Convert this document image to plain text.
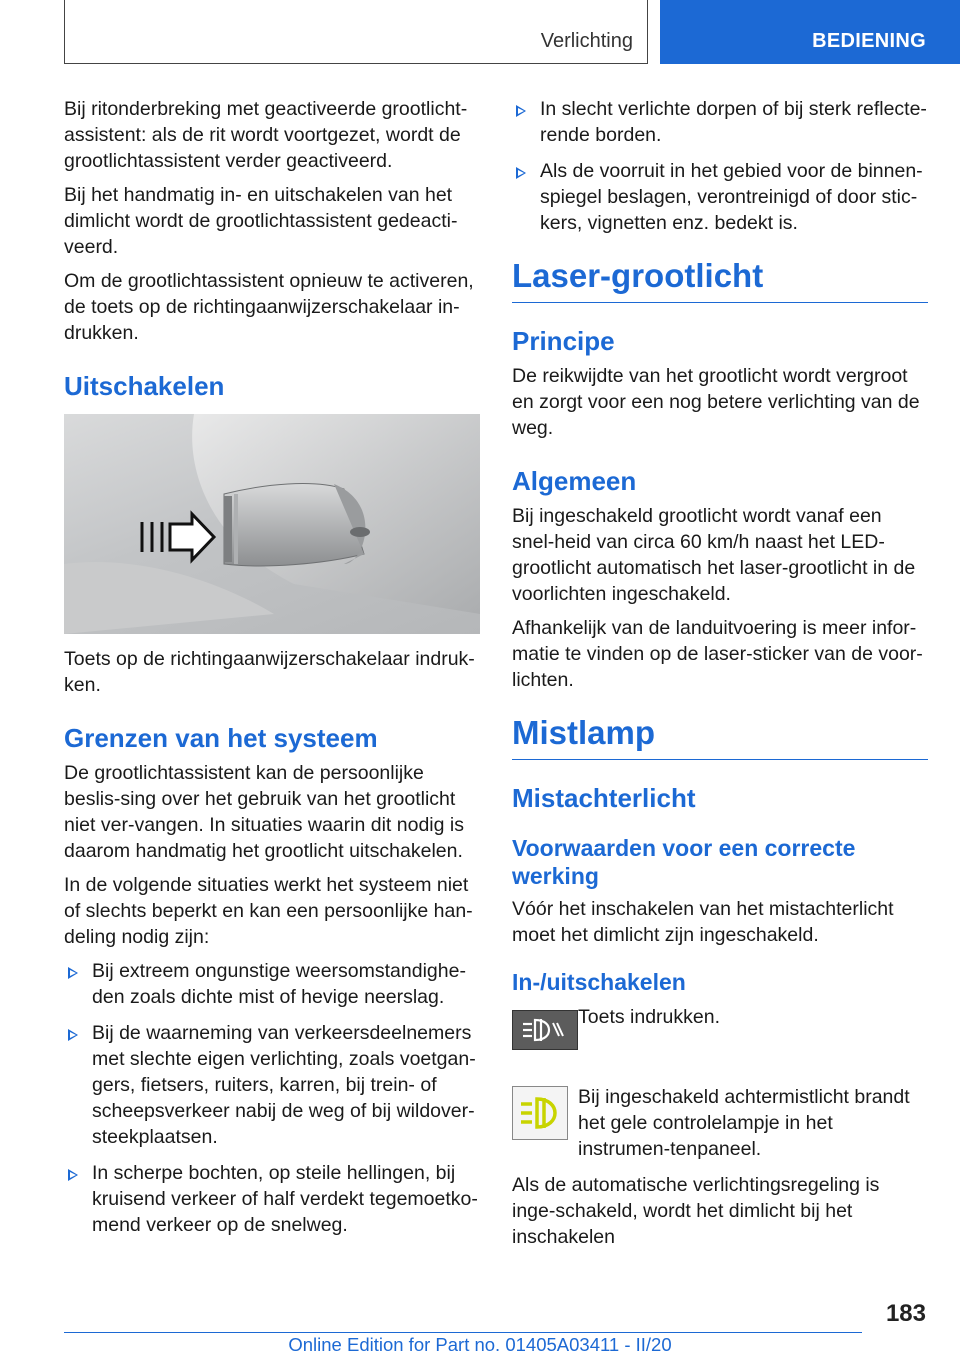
Verlichting	BEDIENING

Bij ritonderbreking met geactiveerde grootlicht-assistent: als de rit wordt voortgezet, wordt de grootlichtassistent verder geactiveerd.

Bij het handmatig in- en uitschakelen van het dimlicht wordt de grootlichtassistent gedeacti-veerd.

Om de grootlichtassistent opnieuw te activeren, de toets op de richtingaanwijzerschakelaar in-drukken.

Uitschakelen

Toets op de richtingaanwijzerschakelaar indruk-ken.

Grenzen van het systeem

De grootlichtassistent kan de persoonlijke beslis-sing over het gebruik van het grootlicht niet ver-vangen. In situaties waarin dit nodig is daarom handmatig het grootlicht uitschakelen.

In de volgende situaties werkt het systeem niet of slechts beperkt en kan een persoonlijke han-deling nodig zijn:

Bij extreem ongunstige weersomstandighe-den zoals dichte mist of hevige neerslag.
Bij de waarneming van verkeersdeelnemers met slechte eigen verlichting, zoals voetgan-gers, fietsers, ruiters, karren, bij trein- of scheepsverkeer nabij de weg of bij wildover-steekplaatsen.
In scherpe bochten, op steile hellingen, bij kruisend verkeer of half verdekt tegemoetko-mend verkeer op de snelweg.
In slecht verlichte dorpen of bij sterk reflecte-rende borden.
Als de voorruit in het gebied voor de binnen-spiegel beslagen, verontreinigd of door stic-kers, vignetten enz. bedekt is.
Laser-grootlicht
Principe

De reikwijdte van het grootlicht wordt vergroot en zorgt voor een nog betere verlichting van de weg.

Algemeen

Bij ingeschakeld grootlicht wordt vanaf een snel-heid van circa 60 km/h naast het LED-grootlicht automatisch het laser-grootlicht in de voorlichten ingeschakeld.

Afhankelijk van de landuitvoering is meer infor-matie te vinden op de laser-sticker van de voor-lichten.

Mistlamp
Mistachterlicht
Voorwaarden voor een correcte werking

Vóór het inschakelen van het mistachterlicht moet het dimlicht zijn ingeschakeld.

In-/uitschakelen

Toets indrukken.

Bij ingeschakeld achtermistlicht brandt het gele controlelampje in het instrumen-tenpaneel.

Als de automatische verlichtingsregeling is inge-schakeld, wordt het dimlicht bij het inschakelen

183
Online Edition for Part no. 01405A03411 - II/20
